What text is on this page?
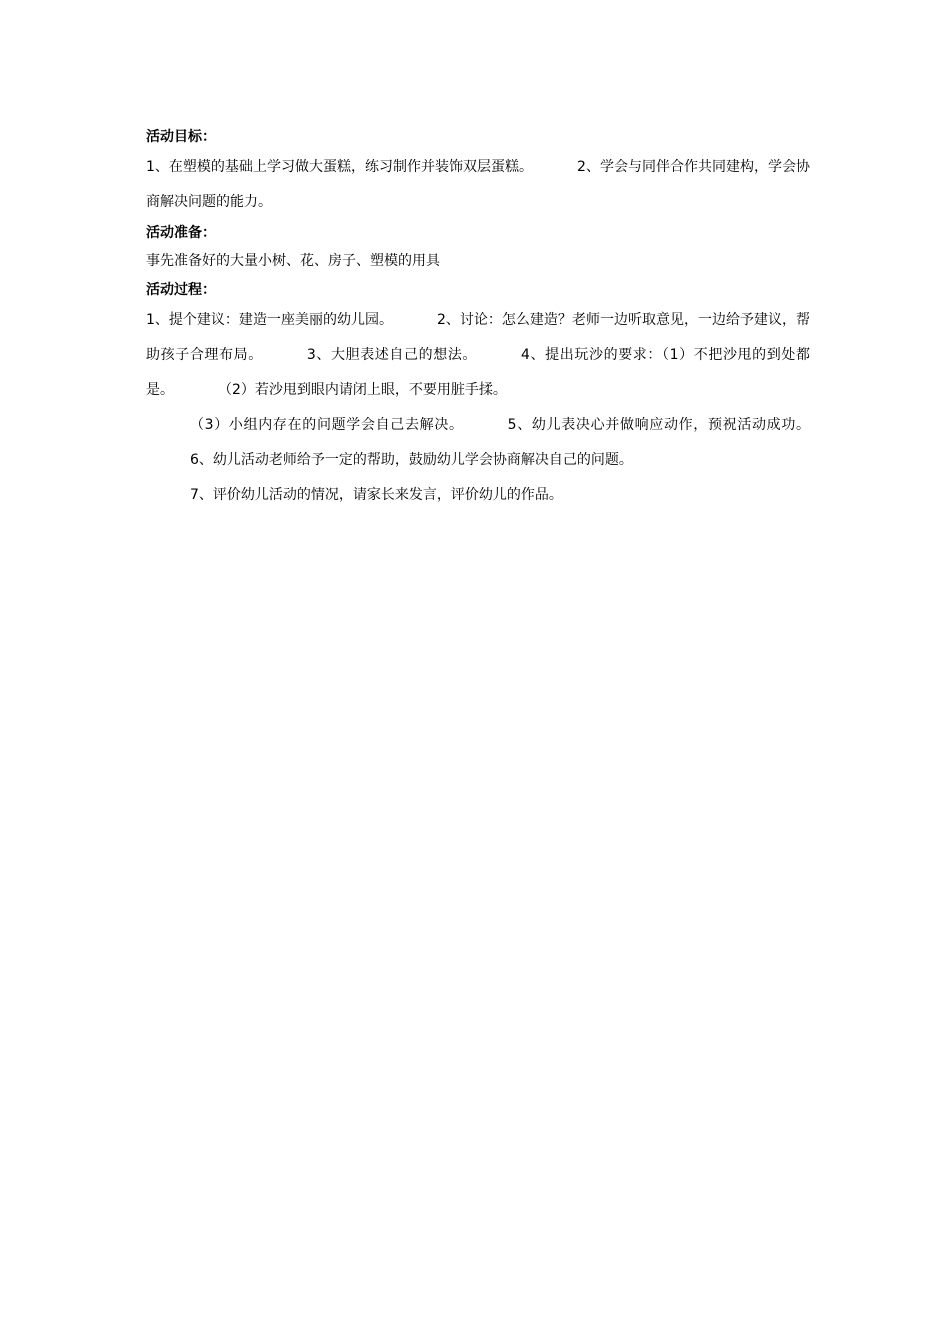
活动目标：

1、在塑模的基础上学习做大蛋糕，练习制作并装饰双层蛋糕。	2、学会与同伴合作共同建构，学会协商解决问题的能力。

活动准备：

事先准备好的大量小树、花、房子、塑模的用具

活动过程：

1、提个建议：建造一座美丽的幼儿园。	2、讨论：怎么建造？老师一边听取意见，一边给予建议，帮助孩子合理布局。	3、大胆表述自己的想法。	4、提出玩沙的要求：（1）不把沙甩的到处都是。	（2）若沙甩到眼内请闭上眼，不要用脏手揉。

（3）小组内存在的问题学会自己去解决。	5、幼儿表决心并做响应动作，预祝活动成功。6、幼儿活动老师给予一定的帮助，鼓励幼儿学会协商解决自己的问题。

7、评价幼儿活动的情况，请家长来发言，评价幼儿的作品。
